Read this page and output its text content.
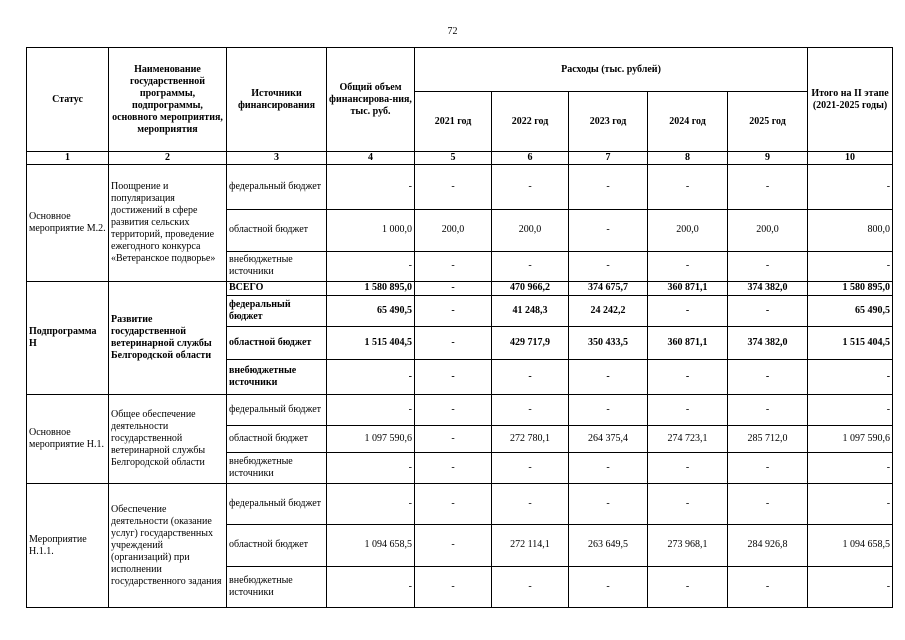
72
Статус	Наименование государственной программы, подпрограммы, основного мероприятия, мероприятия	Источники финансирования	Общий объем финансирова-ния, тыс. руб.	Расходы (тыс. рублей)					Итого на II этапе (2021-2025 годы)
				2021 год	2022 год	2023 год	2024 год	2025 год	
1	2	3	4	5	6	7	8	9	10
Основное мероприятие М.2.	Поощрение и популяризация достижений в сфере развития сельских территорий, проведение ежегодного конкурса «Ветеранское подворье»	федеральный бюджет	-	-	-	-	-	-	-
		областной бюджет	1 000,0	200,0	200,0	-	200,0	200,0	800,0
		внебюджетные источники	-	-	-	-	-	-	-
Подпрограмма Н	Развитие государственной ветеринарной службы Белгородской области	ВСЕГО	1 580 895,0	-	470 966,2	374 675,7	360 871,1	374 382,0	1 580 895,0
		федеральный бюджет	65 490,5	-	41 248,3	24 242,2	-	-	65 490,5
		областной бюджет	1 515 404,5	-	429 717,9	350 433,5	360 871,1	374 382,0	1 515 404,5
		внебюджетные источники	-	-	-	-	-	-	-
Основное мероприятие Н.1.	Общее обеспечение деятельности государственной ветеринарной службы Белгородской области	федеральный бюджет	-	-	-	-	-	-	-
		областной бюджет	1 097 590,6	-	272 780,1	264 375,4	274 723,1	285 712,0	1 097 590,6
		внебюджетные источники	-	-	-	-	-	-	-
Мероприятие Н.1.1.	Обеспечение деятельности (оказание услуг) государственных учреждений (организаций) при исполнении государственного задания	федеральный бюджет	-	-	-	-	-	-	-
		областной бюджет	1 094 658,5	-	272 114,1	263 649,5	273 968,1	284 926,8	1 094 658,5
		внебюджетные источники	-	-	-	-	-	-	-
